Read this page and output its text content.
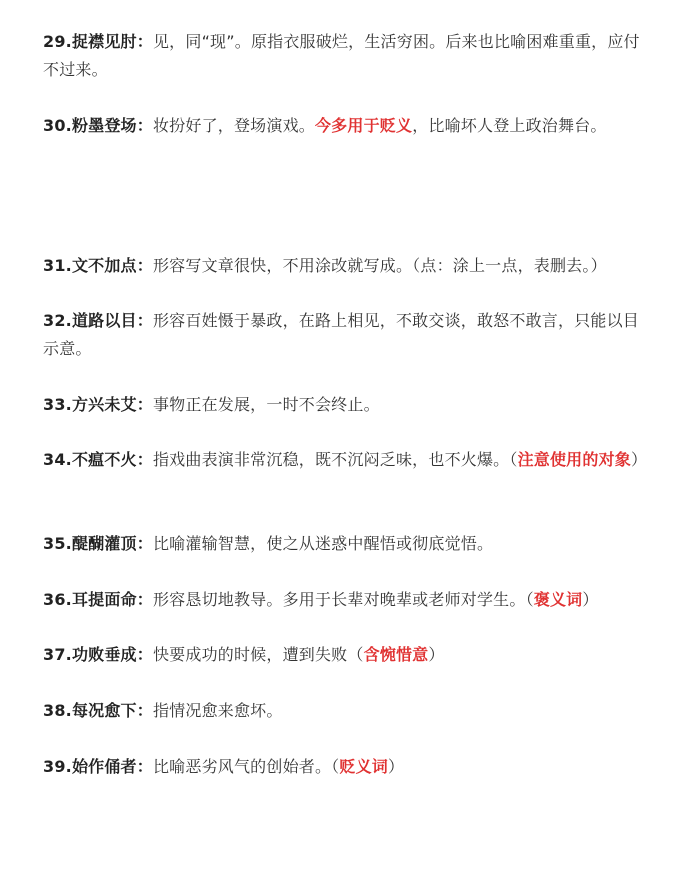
29.捉襟见肘：见，同“现”。原指衣服破烂，生活穷困。后来也比喻困难重重，应付不过来。
30.粉墨登场：妆扮好了，登场演戏。今多用于贬义，比喻坏人登上政治舞台。
31.文不加点：形容写文章很快，不用涂改就写成。（点：涂上一点，表删去。）
32.道路以目：形容百姓慑于暴政，在路上相见，不敢交谈，敢怒不敢言，只能以目示意。
33.方兴未艾：事物正在发展，一时不会终止。
34.不瘟不火：指戏曲表演非常沉稳，既不沉闷乏味，也不火爆。（注意使用的对象）
35.醍醐灌顶：比喻灌输智慧，使之从迷惑中醒悟或彻底觉悟。
36.耳提面命：形容恳切地教导。多用于长辈对晚辈或老师对学生。（褒义词）
37.功败垂成：快要成功的时候，遭到失败（含惋惜意）
38.每况愈下：指情况愈来愈坏。
39.始作俑者：比喻恶劣风气的创始者。（贬义词）
